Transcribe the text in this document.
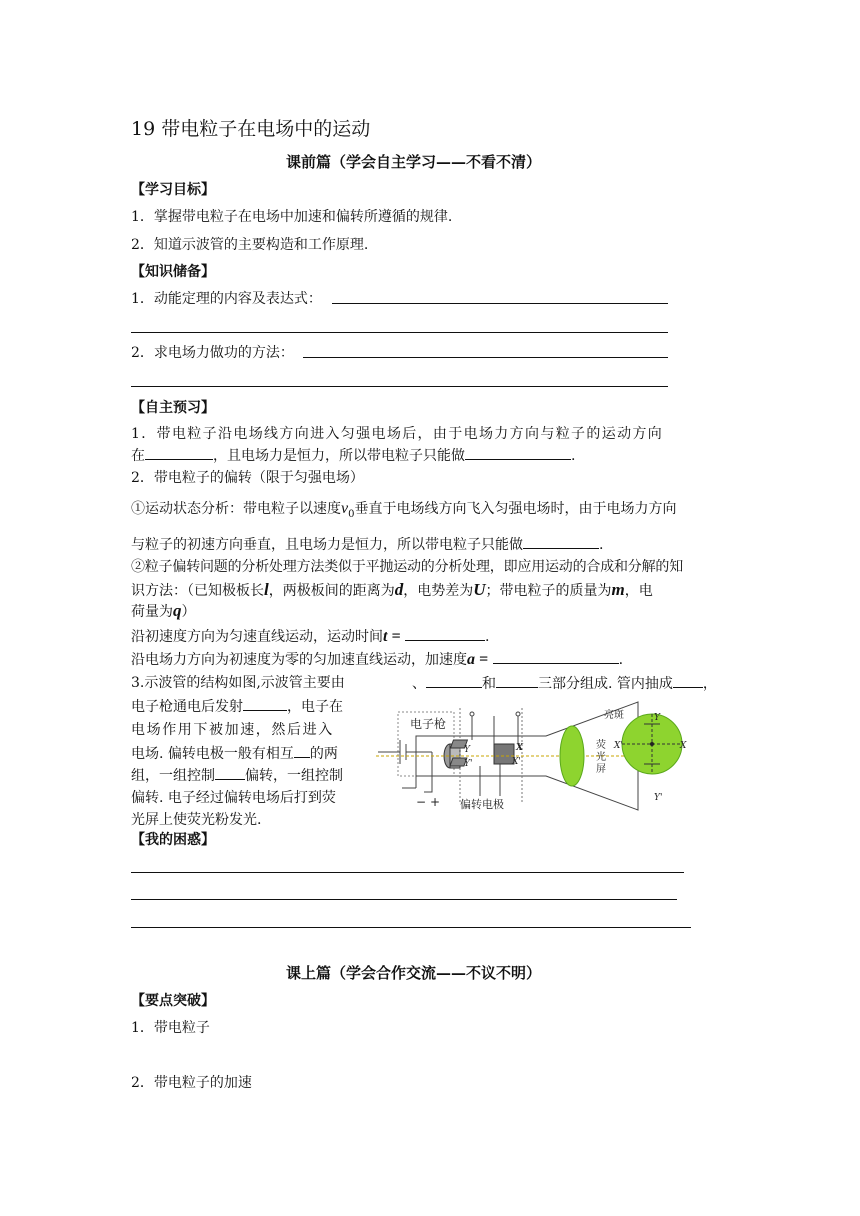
19 带电粒子在电场中的运动
课前篇（学会自主学习——不看不清）
【学习目标】
1．掌握带电粒子在电场中加速和偏转所遵循的规律.
2．知道示波管的主要构造和工作原理.
【知识储备】
1．动能定理的内容及表达式：
2．求电场力做功的方法：
【自主预习】
1．带电粒子沿电场线方向进入匀强电场后，由于电场力方向与粒子的运动方向
在	，且电场力是恒力，所以带电粒子只能做	.
2．带电粒子的偏转（限于匀强电场）
①运动状态分析：带电粒子以速度$v_0$垂直于电场线方向飞入匀强电场时，由于电场力方向
与粒子的初速方向垂直，且电场力是恒力，所以带电粒子只能做	.
②粒子偏转问题的分析处理方法类似于平抛运动的分析处理，即应用运动的合成和分解的知
识方法：（已知极板长l，两极板间的距离为d，电势差为U；带电粒子的质量为m，电
荷量为q）
沿初速度方向为匀速直线运动，运动时间t =	.
沿电场力方向为初速度为零的匀加速直线运动，加速度a =	.
3.示波管的结构如图,示波管主要由	、	和	三部分组成. 管内抽成 ，
电子枪通电后发射	，电子在
电场作用下被加速，然后进入
电场. 偏转电极一般有相互 的两
组，一组控制 偏转，一组控制
偏转. 电子经过偏转电场后打到荧
光屏上使荧光粉发光.
电子枪
− +
Y
Y'
X
X'
偏转电极
荧
光
屏
亮斑	Y
Y'
X
X'
【我的困惑】
课上篇（学会合作交流——不议不明）
【要点突破】
1．带电粒子
2．带电粒子的加速
